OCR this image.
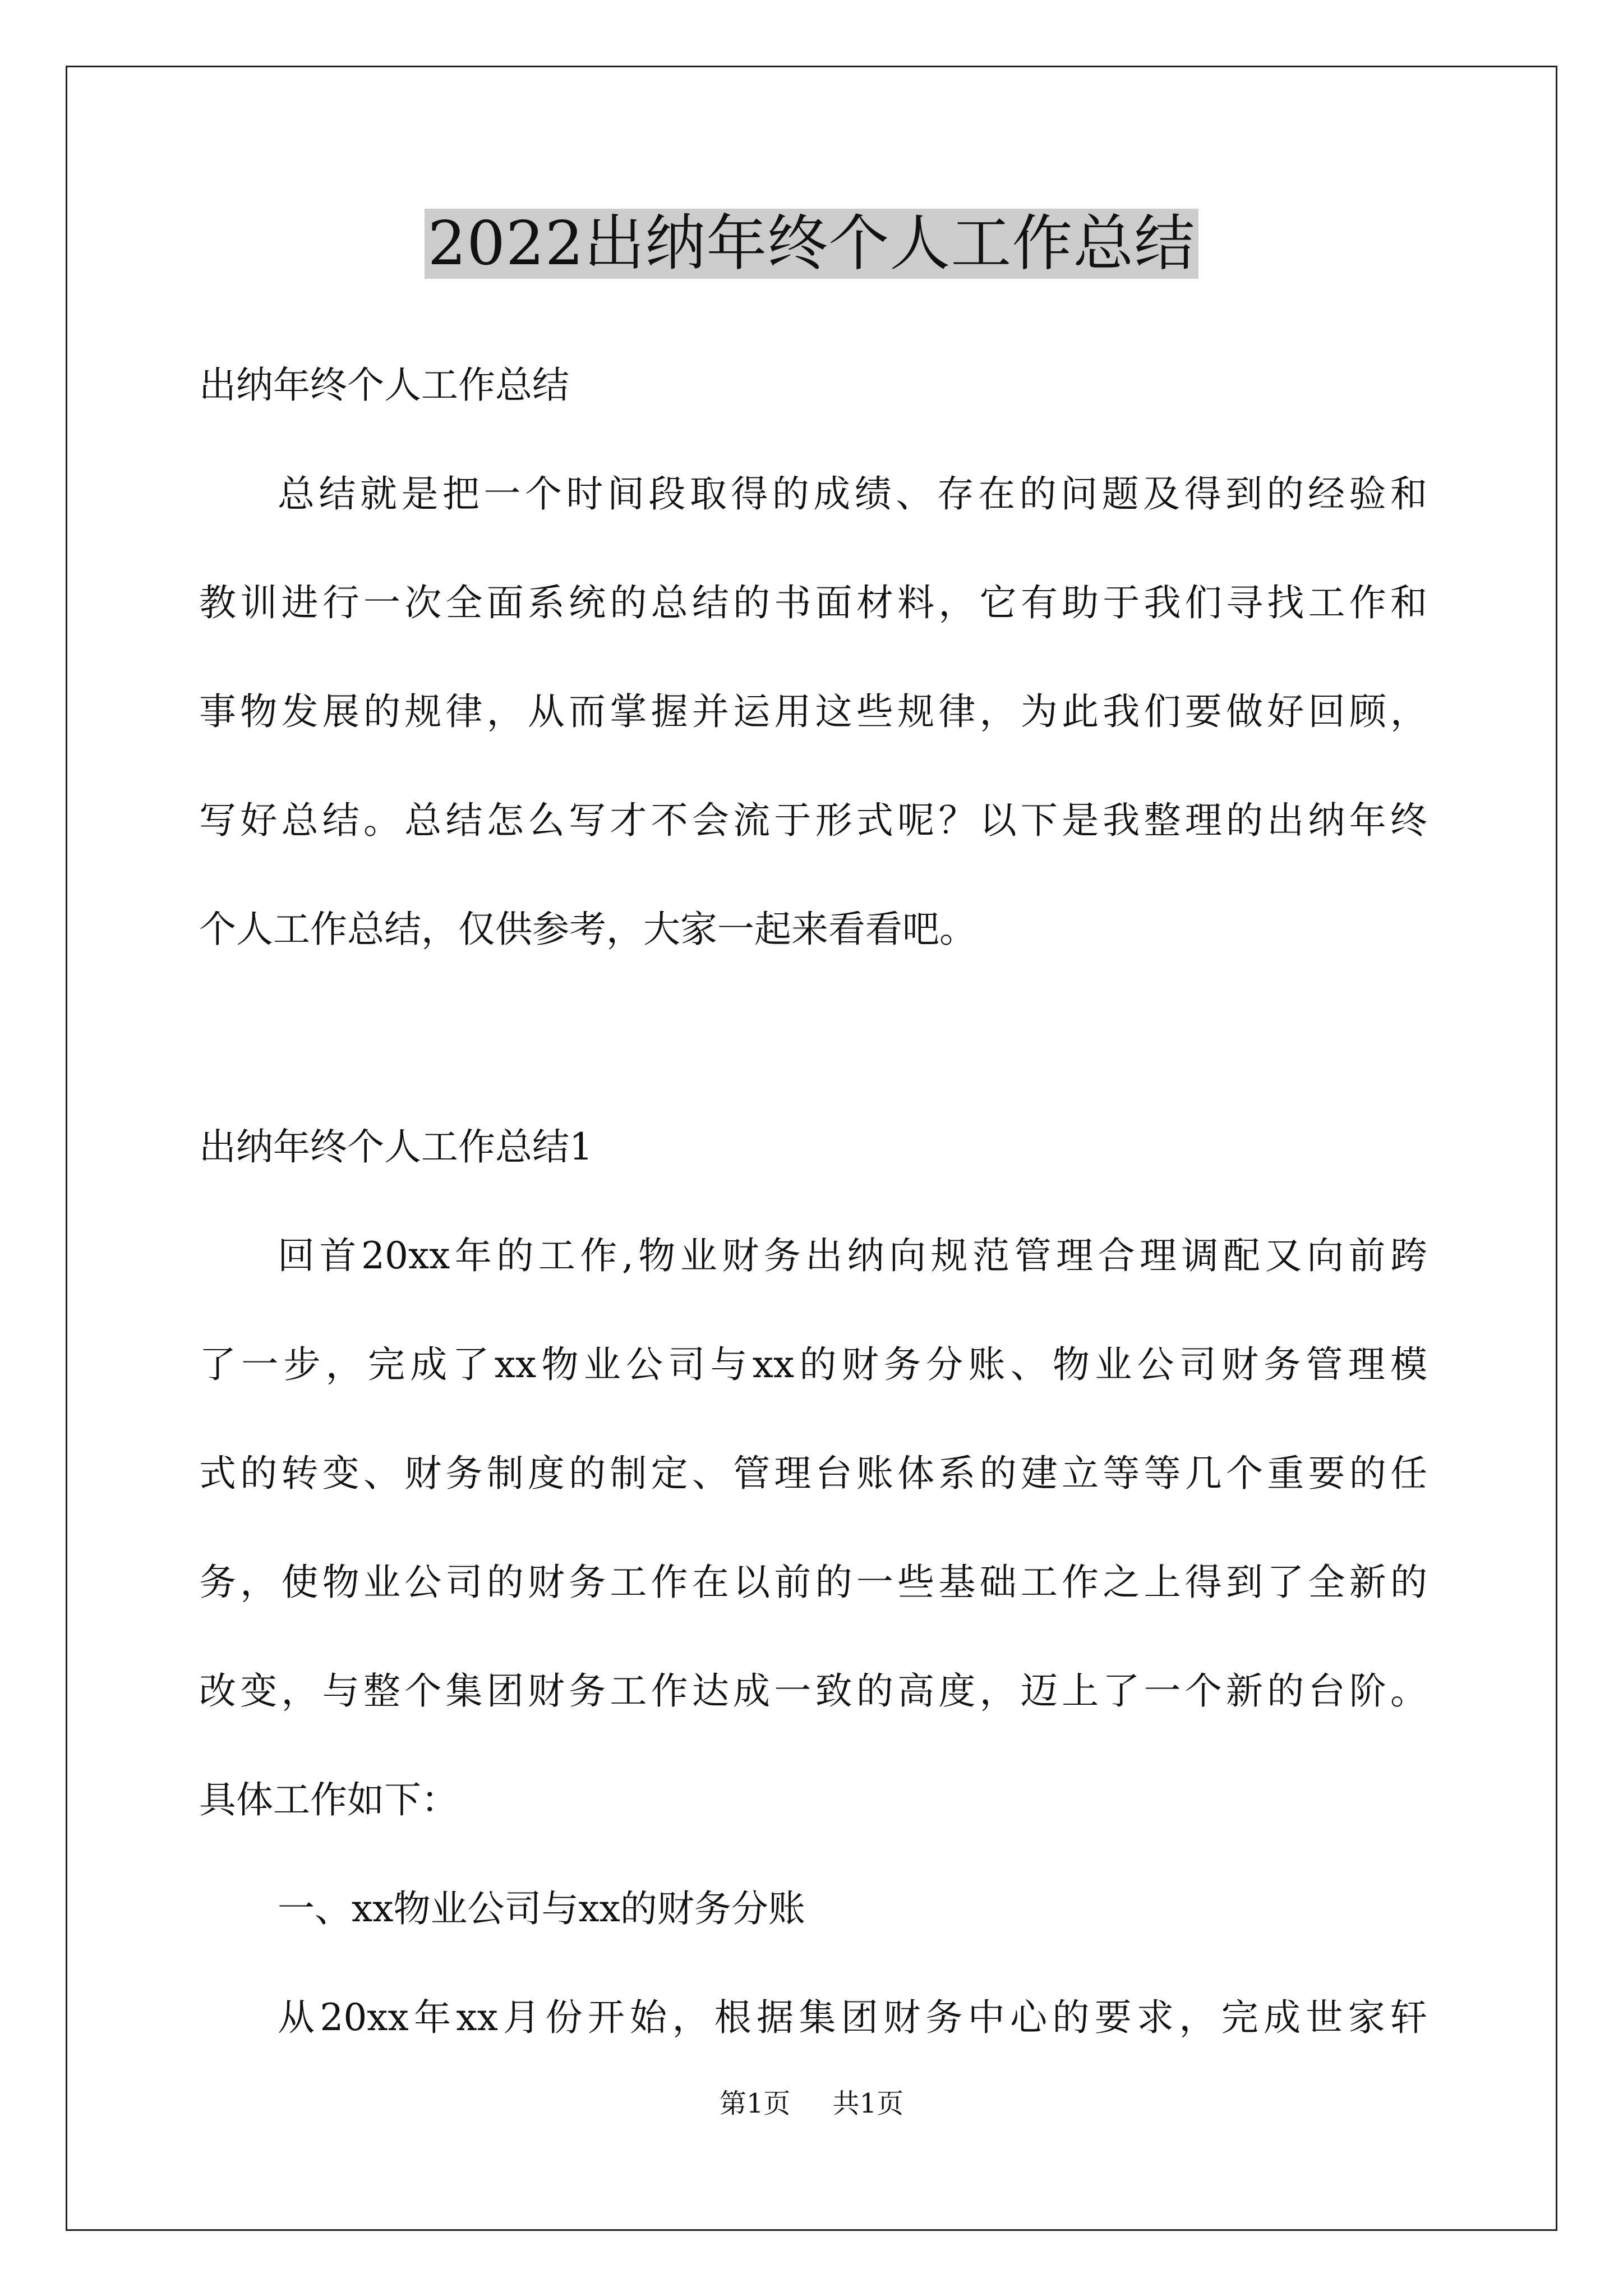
2022出纳年终个人工作总结
出纳年终个人工作总结
总结就是把一个时间段取得的成绩、存在的问题及得到的经验和
教训进行一次全面系统的总结的书面材料，它有助于我们寻找工作和
事物发展的规律，从而掌握并运用这些规律，为此我们要做好回顾，
写好总结。总结怎么写才不会流于形式呢？以下是我整理的出纳年终
个人工作总结，仅供参考，大家一起来看看吧。
出纳年终个人工作总结1
回首20xx年的工作,物业财务出纳向规范管理合理调配又向前跨
了一步，完成了xx物业公司与xx的财务分账、物业公司财务管理模
式的转变、财务制度的制定、管理台账体系的建立等等几个重要的任
务，使物业公司的财务工作在以前的一些基础工作之上得到了全新的
改变，与整个集团财务工作达成一致的高度，迈上了一个新的台阶。
具体工作如下：
一、xx物业公司与xx的财务分账
从20xx年xx月份开始，根据集团财务中心的要求，完成世家轩
第1页 共1页
